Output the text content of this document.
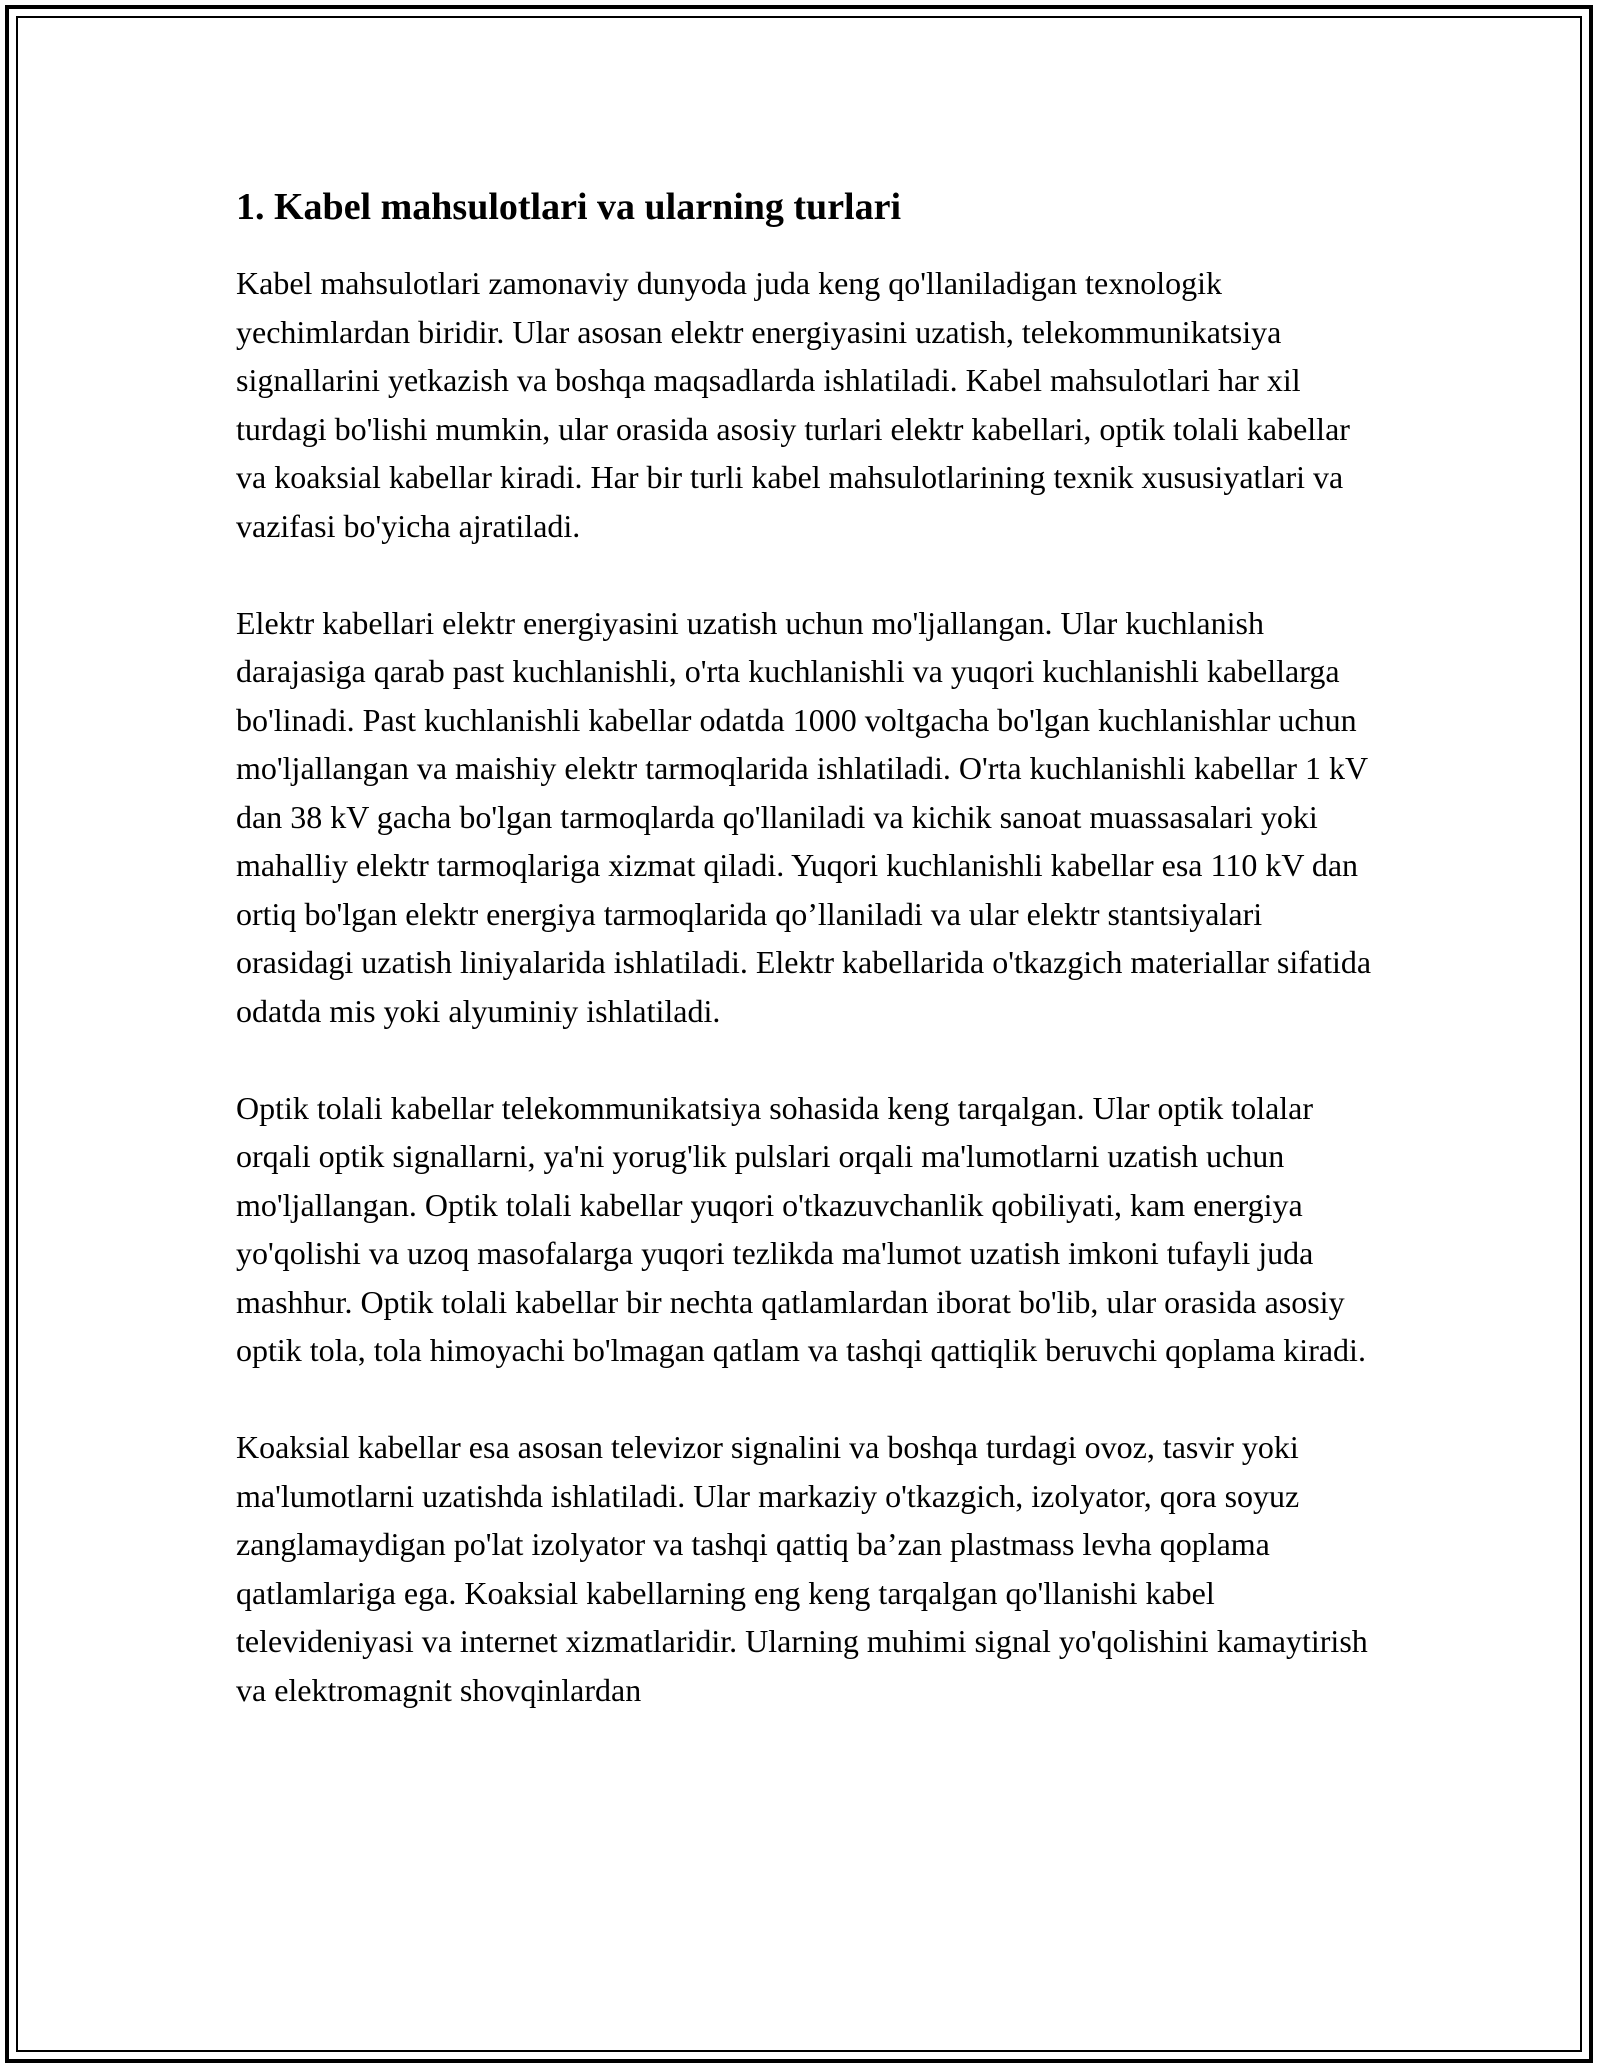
1. Kabel mahsulotlari va ularning turlari

Kabel mahsulotlari zamonaviy dunyoda juda keng qo'llaniladigan texnologik yechimlardan biridir. Ular asosan elektr energiyasini uzatish, telekommunikatsiya signallarini yetkazish va boshqa maqsadlarda ishlatiladi. Kabel mahsulotlari har xil turdagi bo'lishi mumkin, ular orasida asosiy turlari elektr kabellari, optik tolali kabellar va koaksial kabellar kiradi. Har bir turli kabel mahsulotlarining texnik xususiyatlari va vazifasi bo'yicha ajratiladi.

Elektr kabellari elektr energiyasini uzatish uchun mo'ljallangan. Ular kuchlanish darajasiga qarab past kuchlanishli, o'rta kuchlanishli va yuqori kuchlanishli kabellarga bo'linadi. Past kuchlanishli kabellar odatda 1000 voltgacha bo'lgan kuchlanishlar uchun mo'ljallangan va maishiy elektr tarmoqlarida ishlatiladi. O'rta kuchlanishli kabellar 1 kV dan 38 kV gacha bo'lgan tarmoqlarda qo'llaniladi va kichik sanoat muassasalari yoki mahalliy elektr tarmoqlariga xizmat qiladi. Yuqori kuchlanishli kabellar esa 110 kV dan ortiq bo'lgan elektr energiya tarmoqlarida qo’llaniladi va ular elektr stantsiyalari orasidagi uzatish liniyalarida ishlatiladi. Elektr kabellarida o'tkazgich materiallar sifatida odatda mis yoki alyuminiy ishlatiladi.

Optik tolali kabellar telekommunikatsiya sohasida keng tarqalgan. Ular optik tolalar orqali optik signallarni, ya'ni yorug'lik pulslari orqali ma'lumotlarni uzatish uchun mo'ljallangan. Optik tolali kabellar yuqori o'tkazuvchanlik qobiliyati, kam energiya yo'qolishi va uzoq masofalarga yuqori tezlikda ma'lumot uzatish imkoni tufayli juda mashhur. Optik tolali kabellar bir nechta qatlamlardan iborat bo'lib, ular orasida asosiy optik tola, tola himoyachi bo'lmagan qatlam va tashqi qattiqlik beruvchi qoplama kiradi.

Koaksial kabellar esa asosan televizor signalini va boshqa turdagi ovoz, tasvir yoki ma'lumotlarni uzatishda ishlatiladi. Ular markaziy o'tkazgich, izolyator, qora soyuz zanglamaydigan po'lat izolyator va tashqi qattiq ba’zan plastmass levha qoplama qatlamlariga ega. Koaksial kabellarning eng keng tarqalgan qo'llanishi kabel televideniyasi va internet xizmatlaridir. Ularning muhimi signal yo'qolishini kamaytirish va elektromagnit shovqinlardan
